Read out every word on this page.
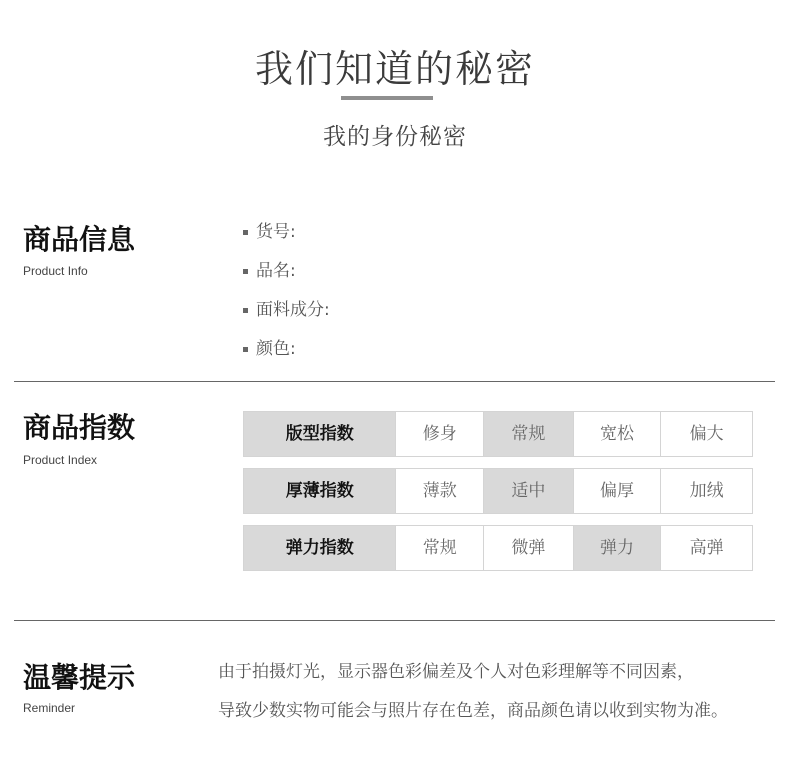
我们知道的秘密
我的身份秘密
商品信息
Product Info
货号:
品名:
面料成分:
颜色:
商品指数
Product Index
版型指数	修身	常规	宽松	偏大
厚薄指数	薄款	适中	偏厚	加绒
弹力指数	常规	微弹	弹力	高弹
温馨提示
Reminder
由于拍摄灯光，显示器色彩偏差及个人对色彩理解等不同因素，
导致少数实物可能会与照片存在色差，商品颜色请以收到实物为准。
